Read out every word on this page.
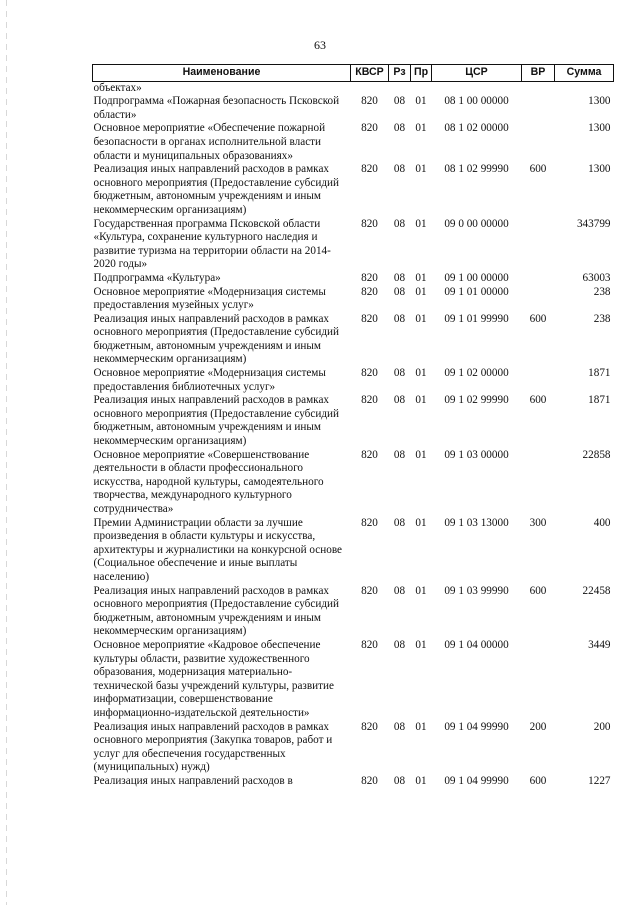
63
Наименование	КВСР	Рз	Пр	ЦСР	ВР	Сумма
объектах»						
Подпрограмма «Пожарная безопасность Псковской области»	820	08	01	08 1 00 00000		1300
Основное мероприятие «Обеспечение пожарной безопасности в органах исполнительной власти области и муниципальных образованиях»	820	08	01	08 1 02 00000		1300
Реализация иных направлений расходов в рамках основного мероприятия (Предоставление субсидий бюджетным, автономным учреждениям и иным некоммерческим организациям)	820	08	01	08 1 02 99990	600	1300
Государственная программа Псковской области «Культура, сохранение культурного наследия и развитие туризма на территории области на 2014-2020 годы»	820	08	01	09 0 00 00000		343799
Подпрограмма «Культура»	820	08	01	09 1 00 00000		63003
Основное мероприятие «Модернизация системы предоставления музейных услуг»	820	08	01	09 1 01 00000		238
Реализация иных направлений расходов в рамках основного мероприятия (Предоставление субсидий бюджетным, автономным учреждениям и иным некоммерческим организациям)	820	08	01	09 1 01 99990	600	238
Основное мероприятие «Модернизация системы предоставления библиотечных услуг»	820	08	01	09 1 02 00000		1871
Реализация иных направлений расходов в рамках основного мероприятия (Предоставление субсидий бюджетным, автономным учреждениям и иным некоммерческим организациям)	820	08	01	09 1 02 99990	600	1871
Основное мероприятие «Совершенствование деятельности в области профессионального искусства, народной культуры, самодеятельного творчества, международного культурного сотрудничества»	820	08	01	09 1 03 00000		22858
Премии Администрации области за лучшие произведения в области культуры и искусства, архитектуры и журналистики на конкурсной основе (Социальное обеспечение и иные выплаты населению)	820	08	01	09 1 03 13000	300	400
Реализация иных направлений расходов в рамках основного мероприятия (Предоставление субсидий бюджетным, автономным учреждениям и иным некоммерческим организациям)	820	08	01	09 1 03 99990	600	22458
Основное мероприятие «Кадровое обеспечение культуры области, развитие художественного образования, модернизация материально-технической базы учреждений культуры, развитие информатизации, совершенствование информационно-издательской деятельности»	820	08	01	09 1 04 00000		3449
Реализация иных направлений расходов в рамках основного мероприятия (Закупка товаров, работ и услуг для обеспечения государственных (муниципальных) нужд)	820	08	01	09 1 04 99990	200	200
Реализация иных направлений расходов в	820	08	01	09 1 04 99990	600	1227
